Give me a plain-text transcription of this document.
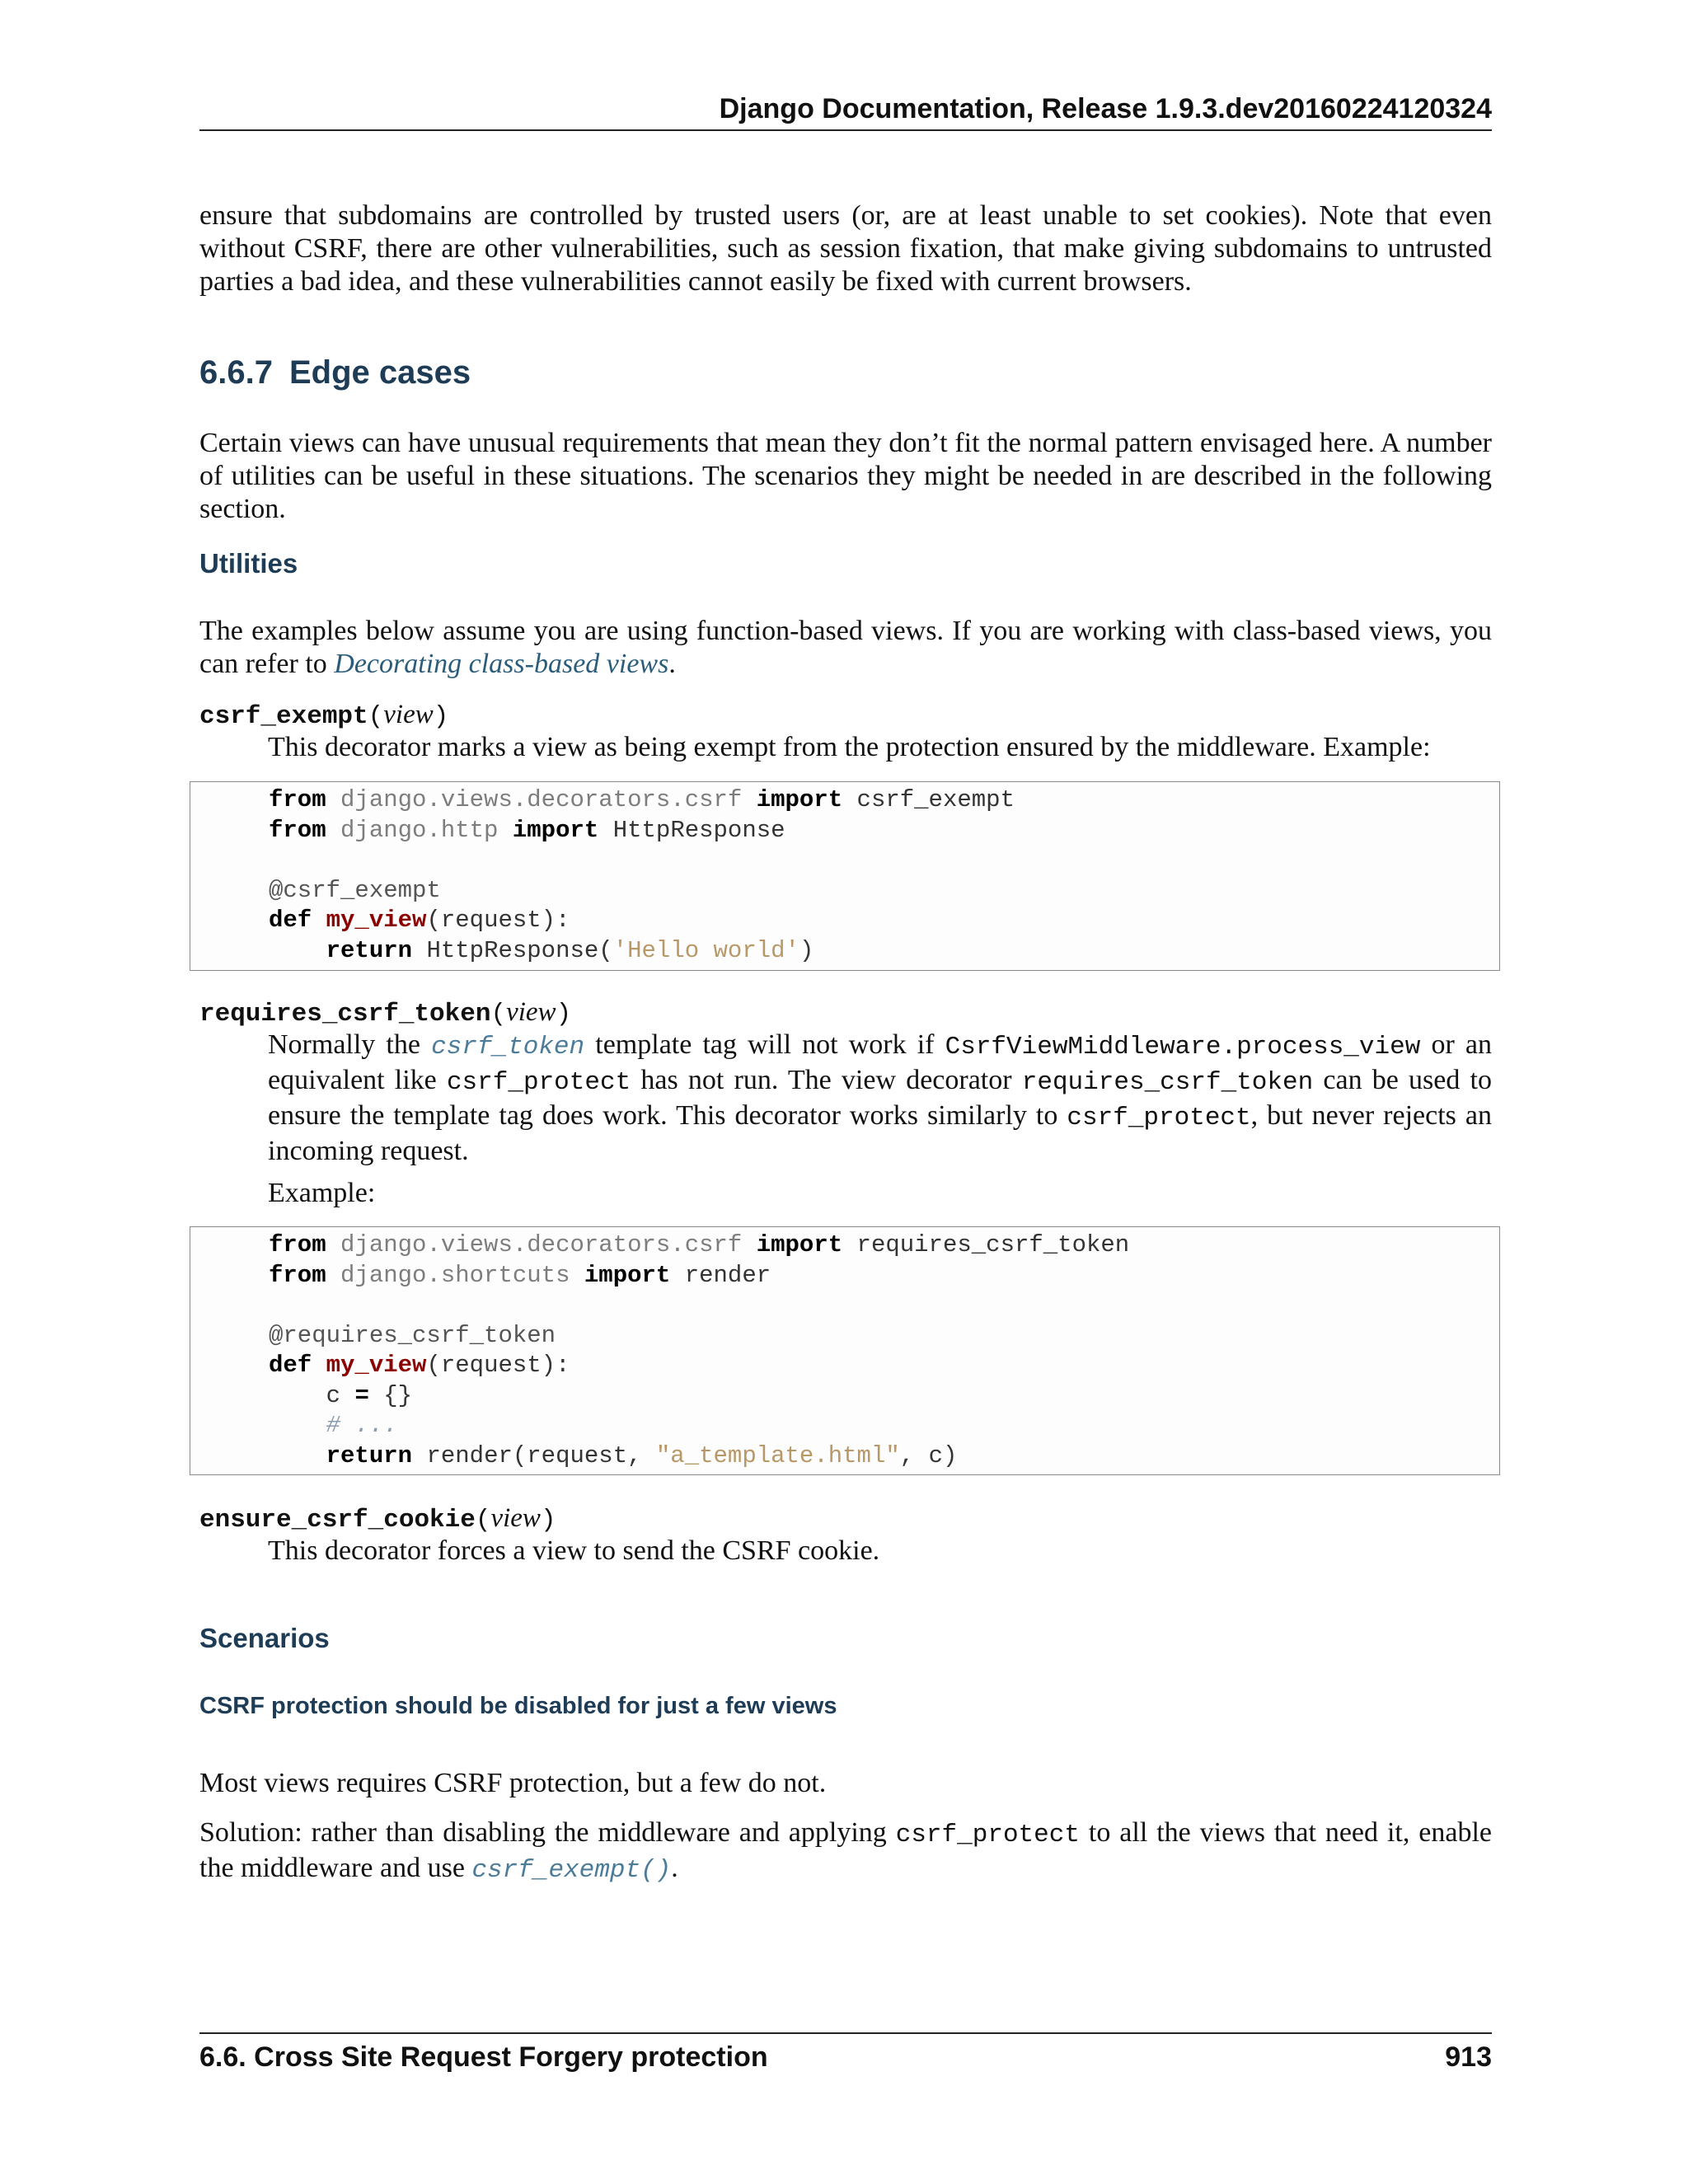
Django Documentation, Release 1.9.3.dev20160224120324

ensure that subdomains are controlled by trusted users (or, are at least unable to set cookies). Note that even without CSRF, there are other vulnerabilities, such as session fixation, that make giving subdomains to untrusted parties a bad idea, and these vulnerabilities cannot easily be fixed with current browsers.

6.6.7 Edge cases

Certain views can have unusual requirements that mean they don’t fit the normal pattern envisaged here. A number of utilities can be useful in these situations. The scenarios they might be needed in are described in the following section.

Utilities

The examples below assume you are using function-based views. If you are working with class-based views, you can refer to Decorating class-based views.

csrf_exempt(view)

This decorator marks a view as being exempt from the protection ensured by the middleware. Example:

from django.views.decorators.csrf import csrf_exempt
from django.http import HttpResponse

@csrf_exempt
def my_view(request):
return HttpResponse('Hello world')
requires_csrf_token(view)

Normally the csrf_token template tag will not work if CsrfViewMiddleware.process_view or an equivalent like csrf_protect has not run. The view decorator requires_csrf_token can be used to ensure the template tag does work. This decorator works similarly to csrf_protect, but never rejects an incoming request.

Example:

from django.views.decorators.csrf import requires_csrf_token
from django.shortcuts import render

@requires_csrf_token
def my_view(request):
c = {}
# ...
return render(request, "a_template.html", c)
ensure_csrf_cookie(view)

This decorator forces a view to send the CSRF cookie.

Scenarios
CSRF protection should be disabled for just a few views

Most views requires CSRF protection, but a few do not.

Solution: rather than disabling the middleware and applying csrf_protect to all the views that need it, enable the middleware and use csrf_exempt().

6.6. Cross Site Request Forgery protection	913
